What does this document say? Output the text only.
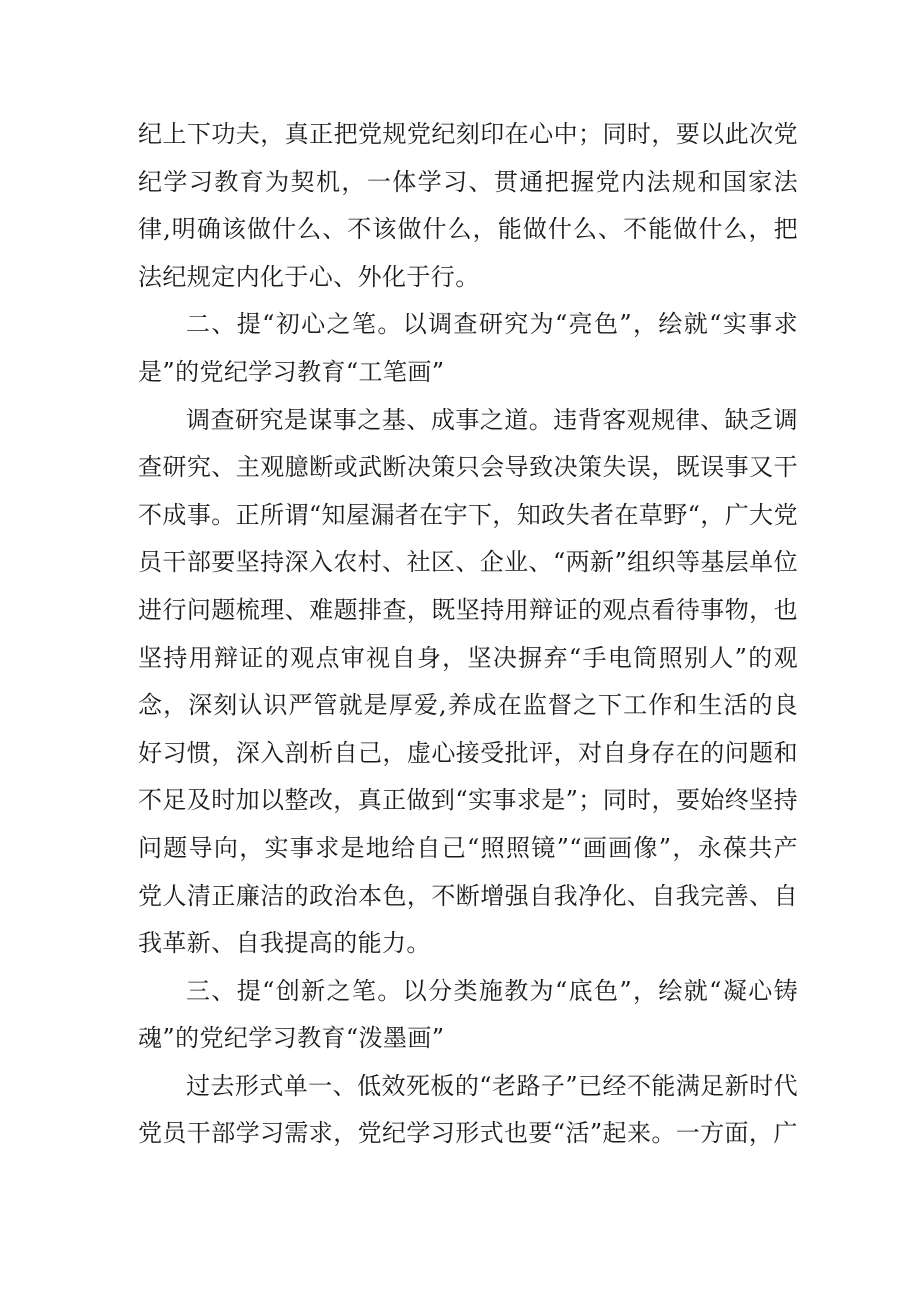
纪上下功夫，真正把党规党纪刻印在心中；同时，要以此次党纪学习教育为契机，一体学习、贯通把握党内法规和国家法律,明确该做什么、不该做什么，能做什么、不能做什么，把法纪规定内化于心、外化于行。

二、提“初心之笔。以调查研究为“亮色”，绘就“实事求是”的党纪学习教育“工笔画”

调查研究是谋事之基、成事之道。违背客观规律、缺乏调查研究、主观臆断或武断决策只会导致决策失误，既误事又干不成事。正所谓“知屋漏者在宇下，知政失者在草野“，广大党员干部要坚持深入农村、社区、企业、“两新”组织等基层单位进行问题梳理、难题排查，既坚持用辩证的观点看待事物，也坚持用辩证的观点审视自身，坚决摒弃“手电筒照别人”的观念，深刻认识严管就是厚爱,养成在监督之下工作和生活的良好习惯，深入剖析自己，虚心接受批评，对自身存在的问题和不足及时加以整改，真正做到“实事求是”；同时，要始终坚持问题导向，实事求是地给自己“照照镜”“画画像”，永葆共产党人清正廉洁的政治本色，不断增强自我净化、自我完善、自我革新、自我提高的能力。

三、提“创新之笔。以分类施教为“底色”，绘就“凝心铸魂”的党纪学习教育“泼墨画”

过去形式单一、低效死板的“老路子”已经不能满足新时代党员干部学习需求，党纪学习形式也要“活”起来。一方面，广
